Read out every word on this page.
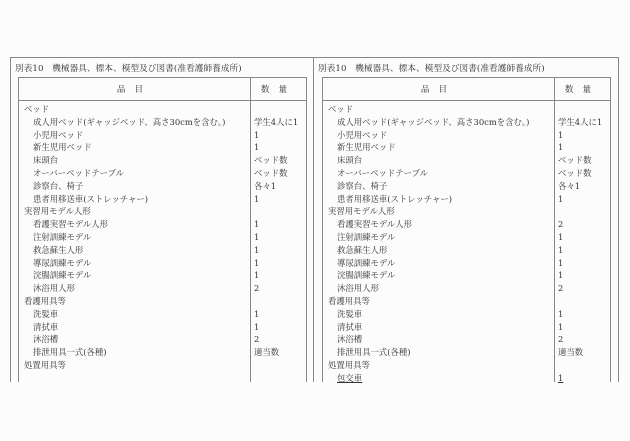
別表10　機械器具、標本、模型及び図書(准看護師養成所)
品目	数量
ベッド
成人用ベッド(ギャッジベッド、高さ30cmを含む。)	学生4人に1
小児用ベッド	1
新生児用ベッド	1
床頭台	ベッド数
オーバーベッドテーブル	ベッド数
診察台、椅子	各々1
患者用移送車(ストレッチャー)	1
実習用モデル人形
看護実習モデル人形	1
注射訓練モデル	1
救急蘇生人形	1
導尿訓練モデル	1
浣腸訓練モデル	1
沐浴用人形	2
看護用具等
洗髪車	1
清拭車	1
沐浴槽	2
排泄用具一式(各種)	適当数
処置用具等
別表10　機械器具、標本、模型及び図書(准看護師養成所)
品目	数量
ベッド
成人用ベッド(ギャッジベッド、高さ30cmを含む。)	学生4人に1
小児用ベッド	1
新生児用ベッド	1
床頭台	ベッド数
オーバーベッドテーブル	ベッド数
診察台、椅子	各々1
患者用移送車(ストレッチャー)	1
実習用モデル人形
看護実習モデル人形	2
注射訓練モデル	1
救急蘇生人形	1
導尿訓練モデル	1
浣腸訓練モデル	1
沐浴用人形	2
看護用具等
洗髪車	1
清拭車	1
沐浴槽	2
排泄用具一式(各種)	適当数
処置用具等
包交車	1
